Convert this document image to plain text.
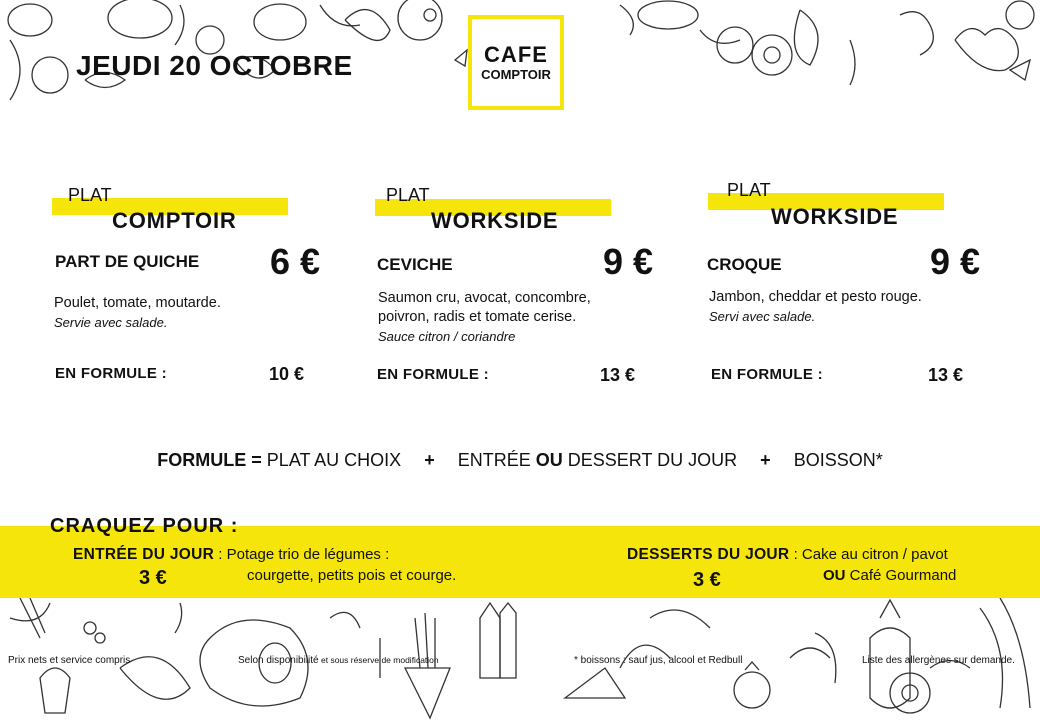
JEUDI 20 OCTOBRE	CAFE
COMPTOIR
PLAT
COMPTOIR
PART DE QUICHE 6 €
Poulet, tomate, moutarde.
Servie avec salade.
EN FORMULE :	10 €
PLAT
WORKSIDE
CEVICHE	9 €
Saumon cru, avocat, concombre,
poivron, radis et tomate cerise.
Sauce citron / coriandre
EN FORMULE :	13 €
PLAT
WORKSIDE
CROQUE	9 €
Jambon, cheddar et pesto rouge.
Servi avec salade.
EN FORMULE :	13 €
FORMULE = PLAT AU CHOIX + ENTRÉE OU DESSERT DU JOUR + BOISSON*
CRAQUEZ POUR :
ENTRÉE DU JOUR : Potage trio de légumes :
courgette, petits pois et courge.
3 €
DESSERTS DU JOUR : Cake au citron / pavot
OU Café Gourmand
3 €
Prix nets et service compris	Selon disponibilité et sous réserve de modification	* boissons : sauf jus, alcool et Redbull	Liste des allergènes sur demande.
